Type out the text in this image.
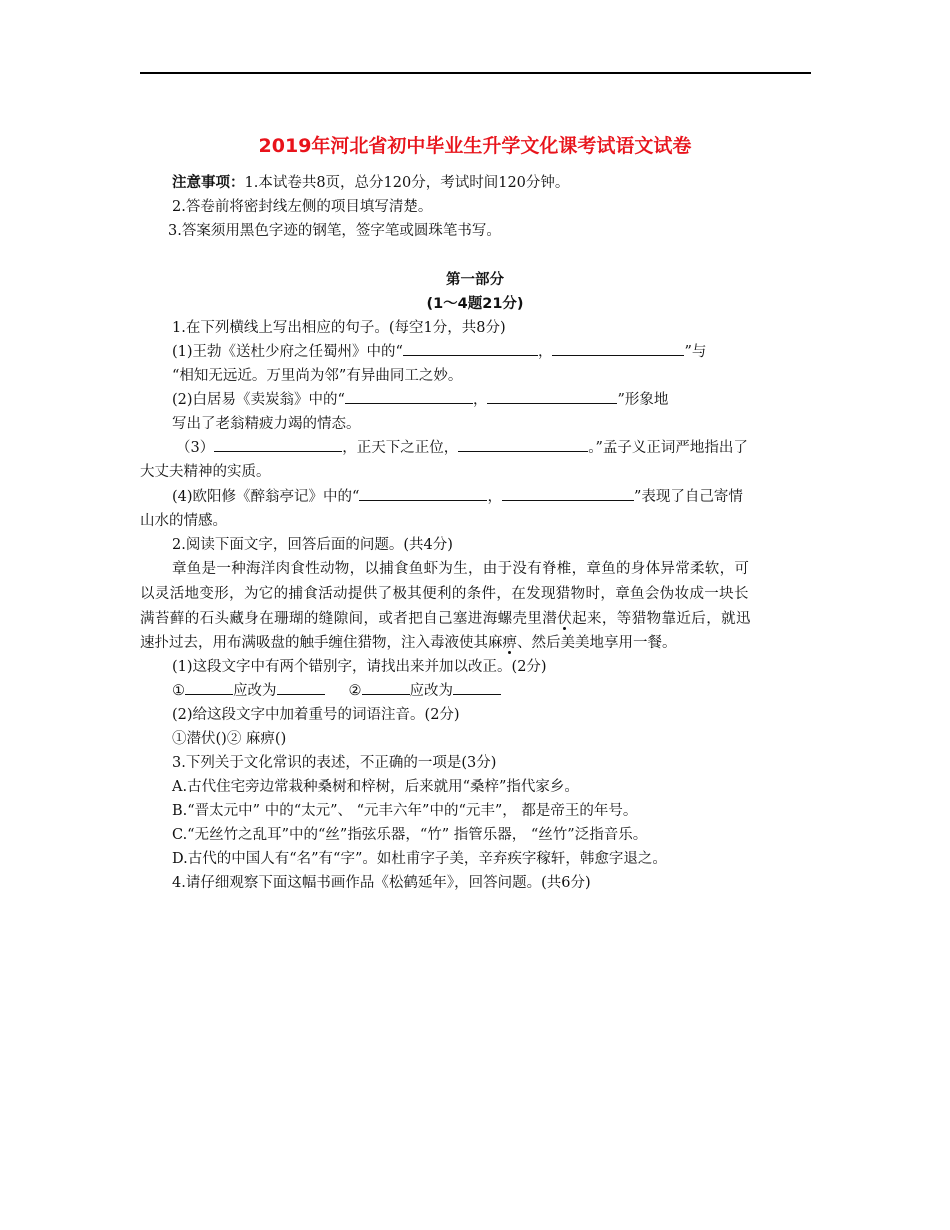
2019年河北省初中毕业生升学文化课考试语文试卷
注意事项：1.本试卷共8页，总分120分，考试时间120分钟。
2.答卷前将密封线左侧的项目填写清楚。
3.答案须用黑色字迹的钢笔，签字笔或圆珠笔书写。
第一部分
(1～4题21分)
1.在下列横线上写出相应的句子。(每空1分，共8分)
(1)王勃《送杜少府之任蜀州》中的“	，	”与
“相知无远近。万里尚为邻”有异曲同工之妙。
(2)白居易《卖炭翁》中的“	，	”形象地
写出了老翁精疲力竭的情态。
（3）	，正天下之正位，	。”孟子义正词严地指出了
大丈夫精神的实质。
(4)欧阳修《醉翁亭记》中的“	，	”表现了自己寄情
山水的情感。
2.阅读下面文字，回答后面的问题。(共4分)
章鱼是一种海洋肉食性动物，以捕食鱼虾为生，由于没有脊椎，章鱼的身体异常柔软，可
以灵活地变形，为它的捕食活动提供了极其便利的条件，在发现猎物时，章鱼会伪妆成一块长
满苔藓的石头藏身在珊瑚的缝隙间，或者把自己塞进海螺壳里潜伏起来，等猎物靠近后，就迅
速扑过去，用布满吸盘的触手缠住猎物，注入毒液使其麻痹、然后美美地享用一餐。
(1)这段文字中有两个错别字，请找出来并加以改正。(2分)
①	应改为	②	应改为
(2)给这段文字中加着重号的词语注音。(2分)
①潜伏()② 麻痹()
3.下列关于文化常识的表述，不正确的一项是(3分)
A.古代住宅旁边常栽种桑树和梓树，后来就用“桑梓”指代家乡。
B.“晋太元中” 中的“太元”、 “元丰六年”中的“元丰”， 都是帝王的年号。
C.“无丝竹之乱耳”中的“丝”指弦乐器，“竹” 指管乐器， “丝竹”泛指音乐。
D.古代的中国人有“名”有“字”。如杜甫字子美，辛弃疾字稼轩，韩愈字退之。
4.请仔细观察下面这幅书画作品《松鹤延年》，回答问题。(共6分)
